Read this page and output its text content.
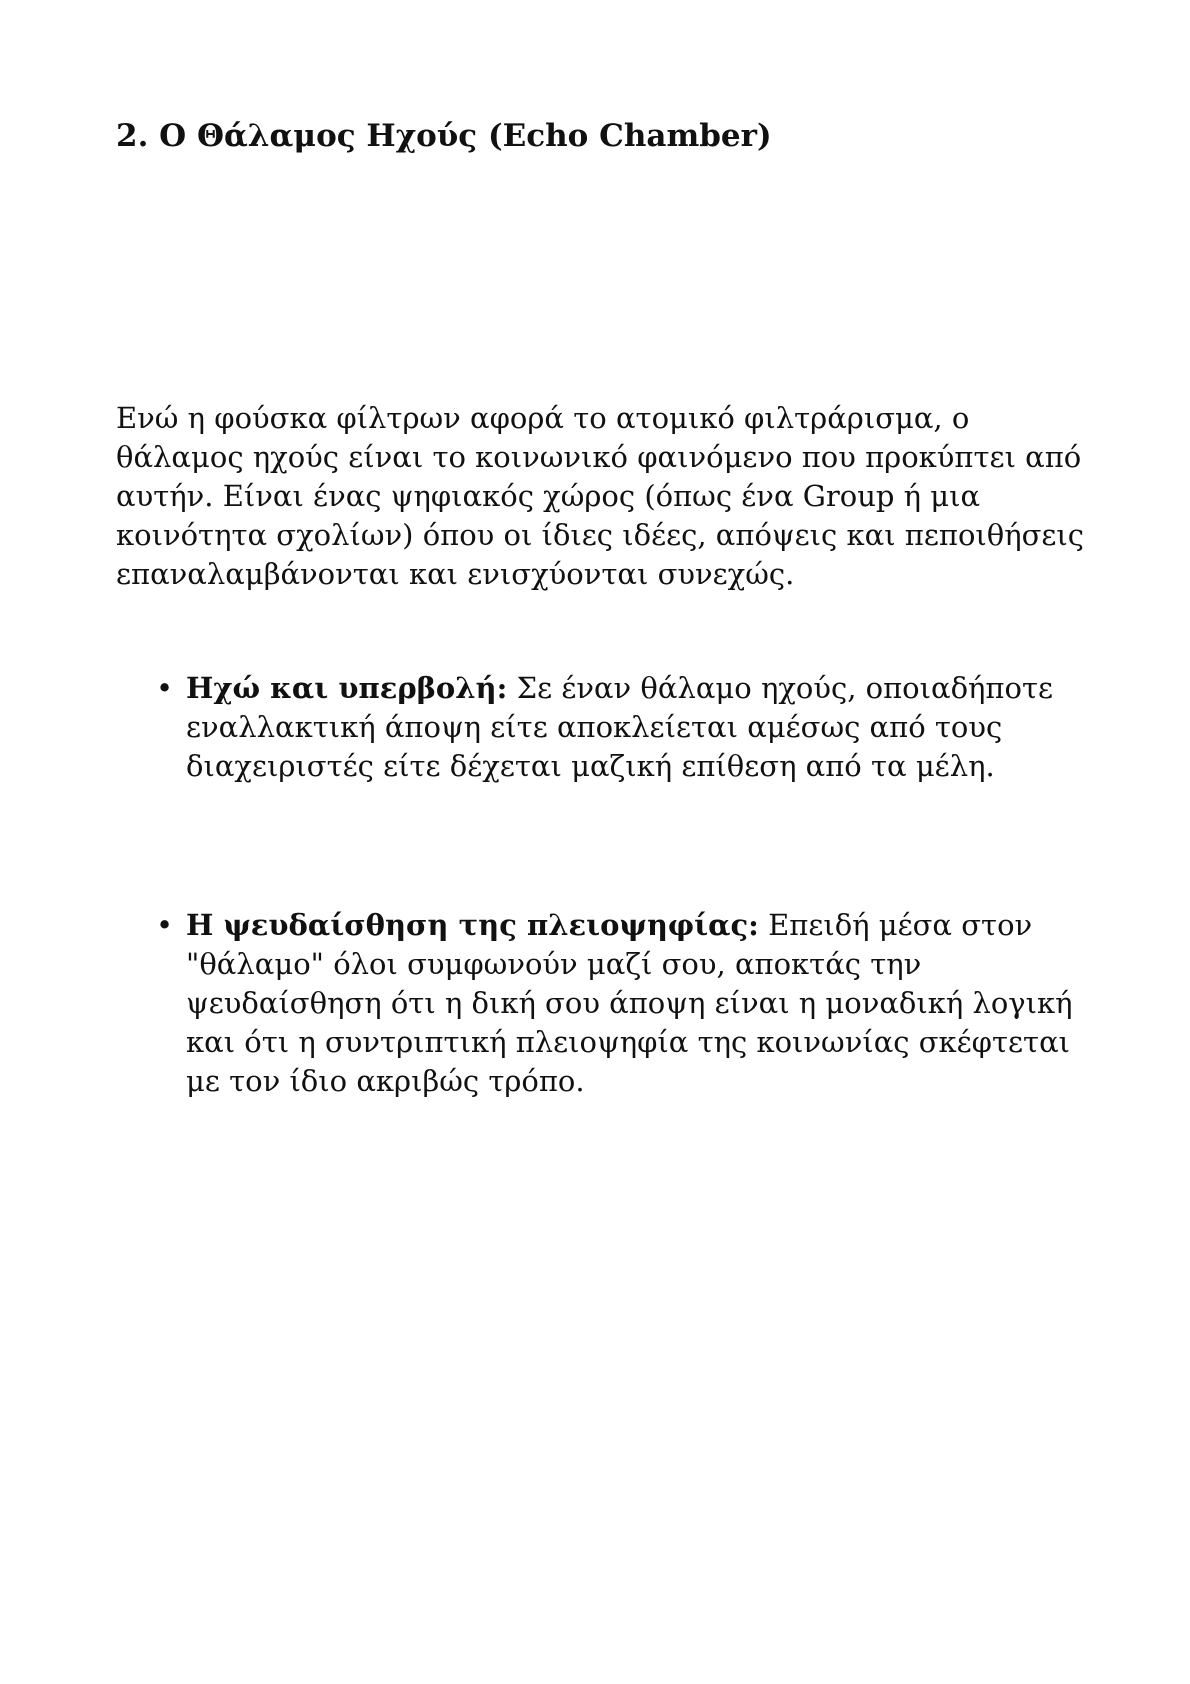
2. Ο Θάλαμος Ηχούς (Echo Chamber)

Ενώ η φούσκα φίλτρων αφορά το ατομικό φιλτράρισμα, ο θάλαμος ηχούς είναι το κοινωνικό φαινόμενο που προκύπτει από αυτήν. Είναι ένας ψηφιακός χώρος (όπως ένα Group ή μια κοινότητα σχολίων) όπου οι ίδιες ιδέες, απόψεις και πεποιθήσεις επαναλαμβάνονται και ενισχύονται συνεχώς.

• Ηχώ και υπερβολή: Σε έναν θάλαμο ηχούς, οποιαδήποτε εναλλακτική άποψη είτε αποκλείεται αμέσως από τους διαχειριστές είτε δέχεται μαζική επίθεση από τα μέλη.
• Η ψευδαίσθηση της πλειοψηφίας: Επειδή μέσα στον "θάλαμο" όλοι συμφωνούν μαζί σου, αποκτάς την ψευδαίσθηση ότι η δική σου άποψη είναι η μοναδική λογική και ότι η συντριπτική πλειοψηφία της κοινωνίας σκέφτεται με τον ίδιο ακριβώς τρόπο.
